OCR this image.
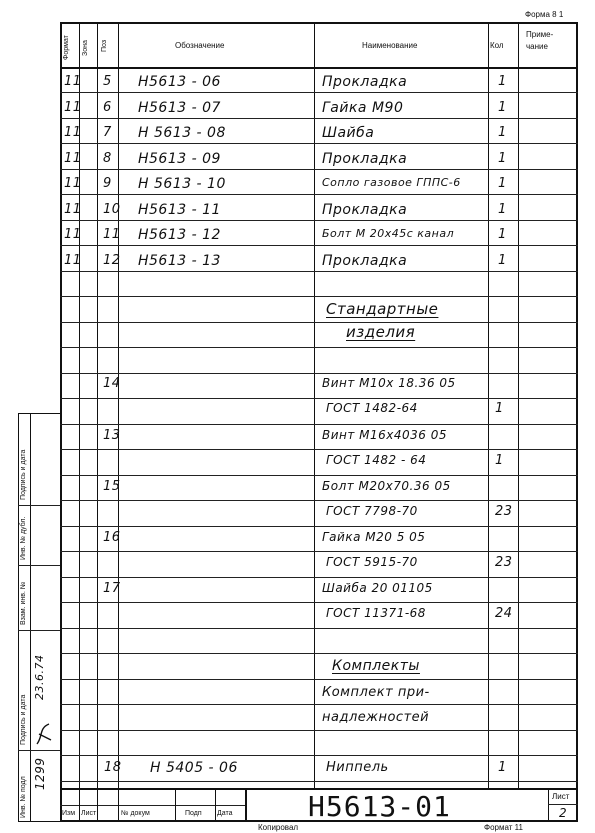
Форма 8 1
Формат Зона Поз	Обозначение	Наименование	Кол
Приме-
чание
11 5 Н5613 - 06	Прокладка	1
11 6 Н5613 - 07	Гайка М90	1
11 7 Н 5613 - 08	Шайба	1
11 8 Н5613 - 09	Прокладка	1
11 9 Н 5613 - 10	Сопло газовое ГППС-6	1
11 10 Н5613 - 11	Прокладка	1
11 11 Н5613 - 12	Болт М 20х45с канал	1
11 12 Н5613 - 13	Прокладка	1
Стандартные
изделия
14	Винт М10х 18.36 05
ГОСТ 1482-64	1
13	Винт М16х4036 05
ГОСТ 1482 - 64	1
15	Болт М20х70.36 05
ГОСТ 7798-70	23
16	Гайка М20 5 05
ГОСТ 5915-70	23
17	Шайба 20 01105
ГОСТ 11371-68	24
Комплекты
Комплект при-
надлежностей
18 Н 5405 - 06	Ниппель	1
Изм Лист	№ докум	Подп Дата	Н5613-01	Лист
2
Копировал	Формат 11
Инв. № подл
Подпись и дата
Взам. инв. №
Инв. № дубл.
Подпись и дата
1299
23.6.74
